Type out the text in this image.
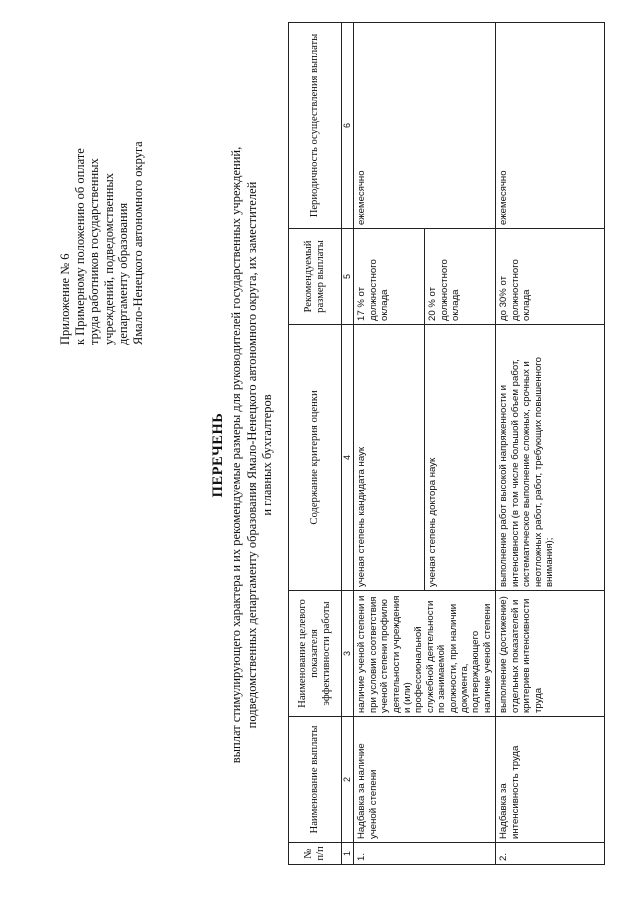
Приложение № 6 к Примерному положению об оплате труда работников государственных учреждений, подведомственных департаменту образования Ямало-Ненецкого автономного округа
ПЕРЕЧЕНЬ выплат стимулирующего характера и их рекомендуемые размеры для руководителей государственных учреждений, подведомственных департаменту образования Ямало-Ненецкого автономного округа, их заместителей и главных бухгалтеров
№ п/п	Наименование выплаты	Наименование целевого показателя эффективности работы	Содержание критерия оценки	Рекомендуемый размер выплаты	Периодичность осуществления выплаты
1	2	3	4	5	6
1.	Надбавка за наличие ученой степени	наличие ученой степени и при условии соответствия ученой степени профилю деятельности учреждения и (или) профессиональной служебной деятельности по занимаемой должности, при наличии документа, подтверждающего наличие ученой степени	ученая степень кандидата наук	17 % от должностного оклада	ежемесячно
			ученая степень доктора наук	20 % от должностного оклада	
2.	Надбавка за интенсивность труда	выполнение (достижение) отдельных показателей и критериев интенсивности труда	выполнение работ высокой напряженности и интенсивности (в том числе большой объем работ, систематическое выполнение сложных, срочных и неотложных работ, работ, требующих повышенного внимания);	до 30% от должностного оклада	ежемесячно
